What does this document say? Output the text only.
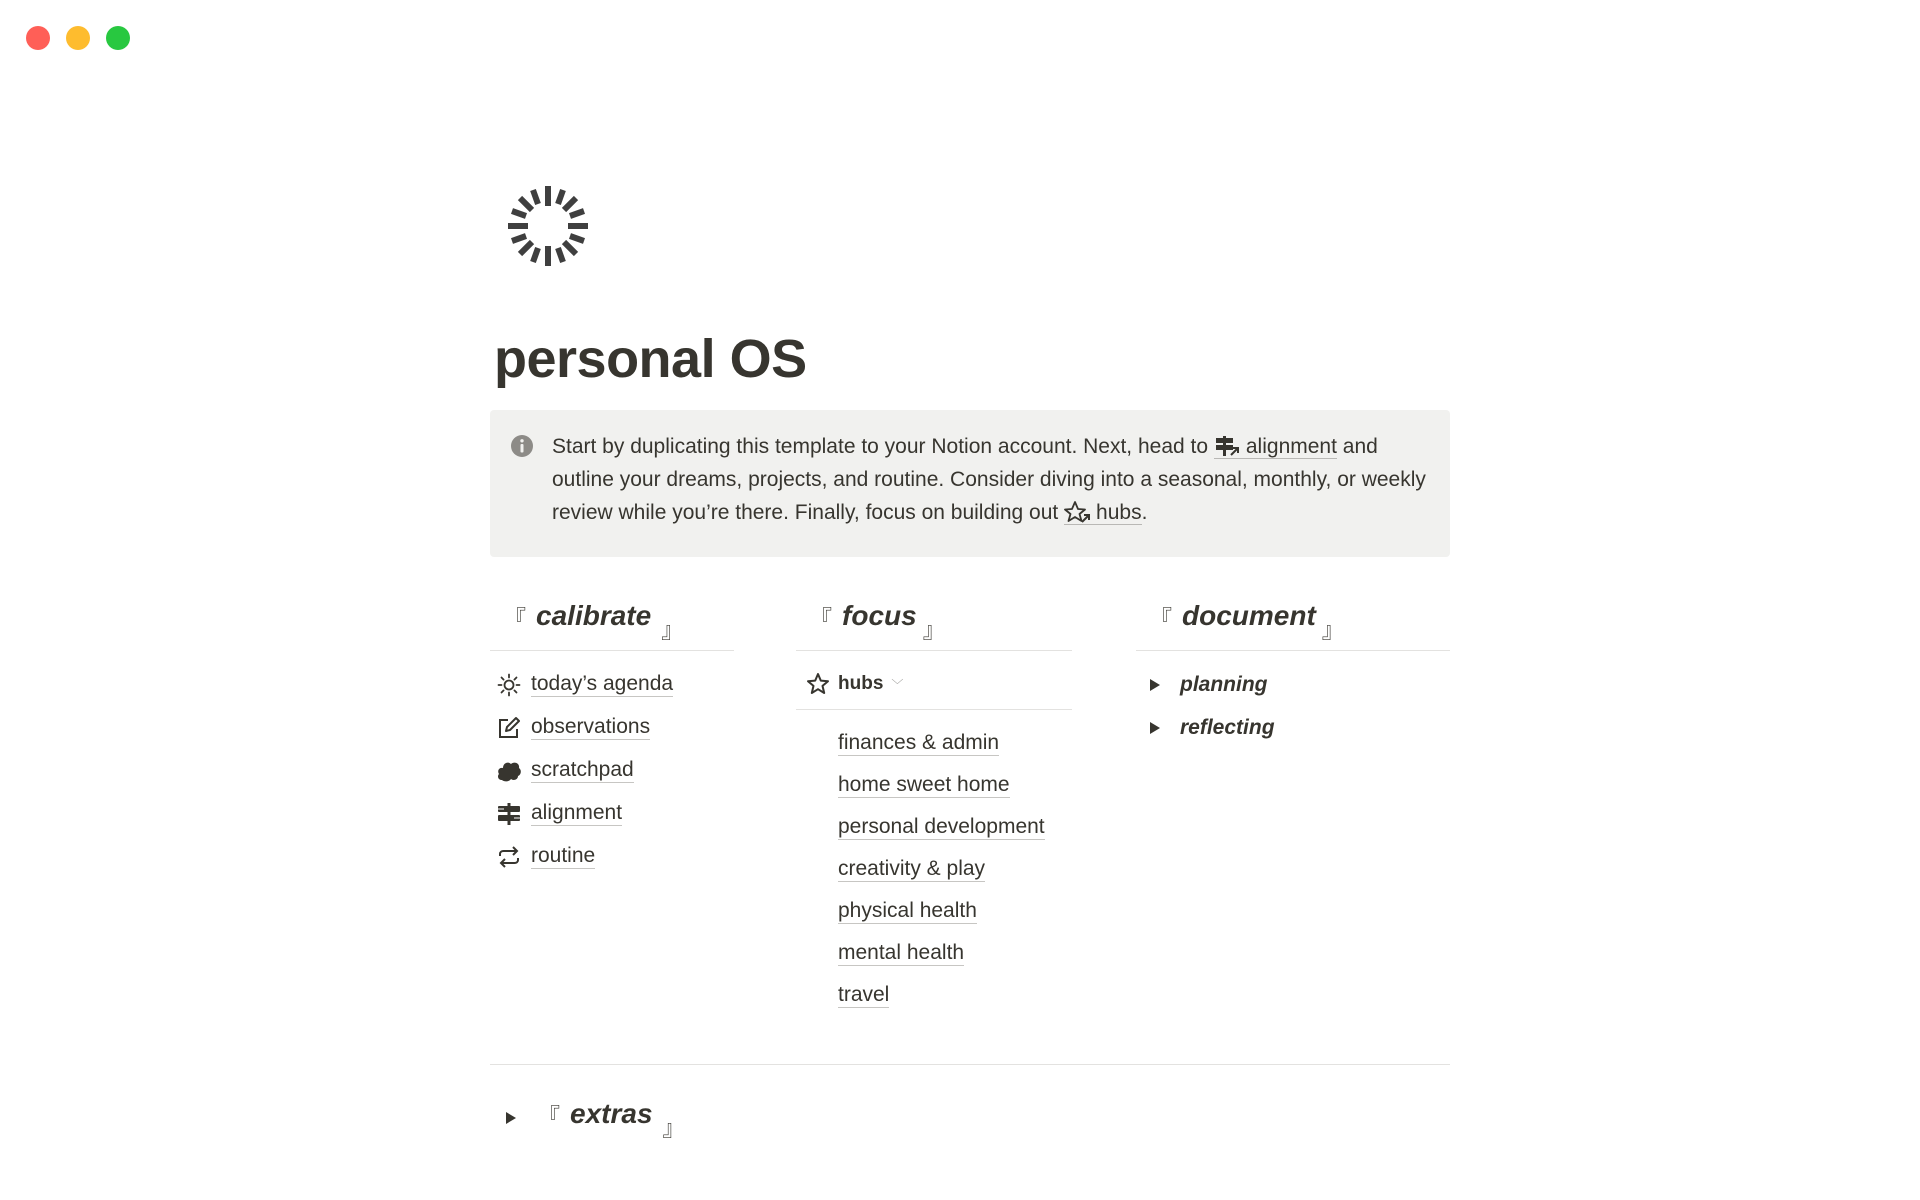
personal OS
Start by duplicating this template to your Notion account. Next, head to alignment and outline your dreams, projects, and routine. Consider diving into a seasonal, monthly, or weekly review while you’re there. Finally, focus on building out hubs.
『 calibrate 』
today’s agenda
observations
scratchpad
alignment
routine
『 focus 』
hubs ﹀
finances & admin
home sweet home
personal development
creativity & play
physical health
mental health
travel
『 document 』
planning
reflecting
『 extras 』
